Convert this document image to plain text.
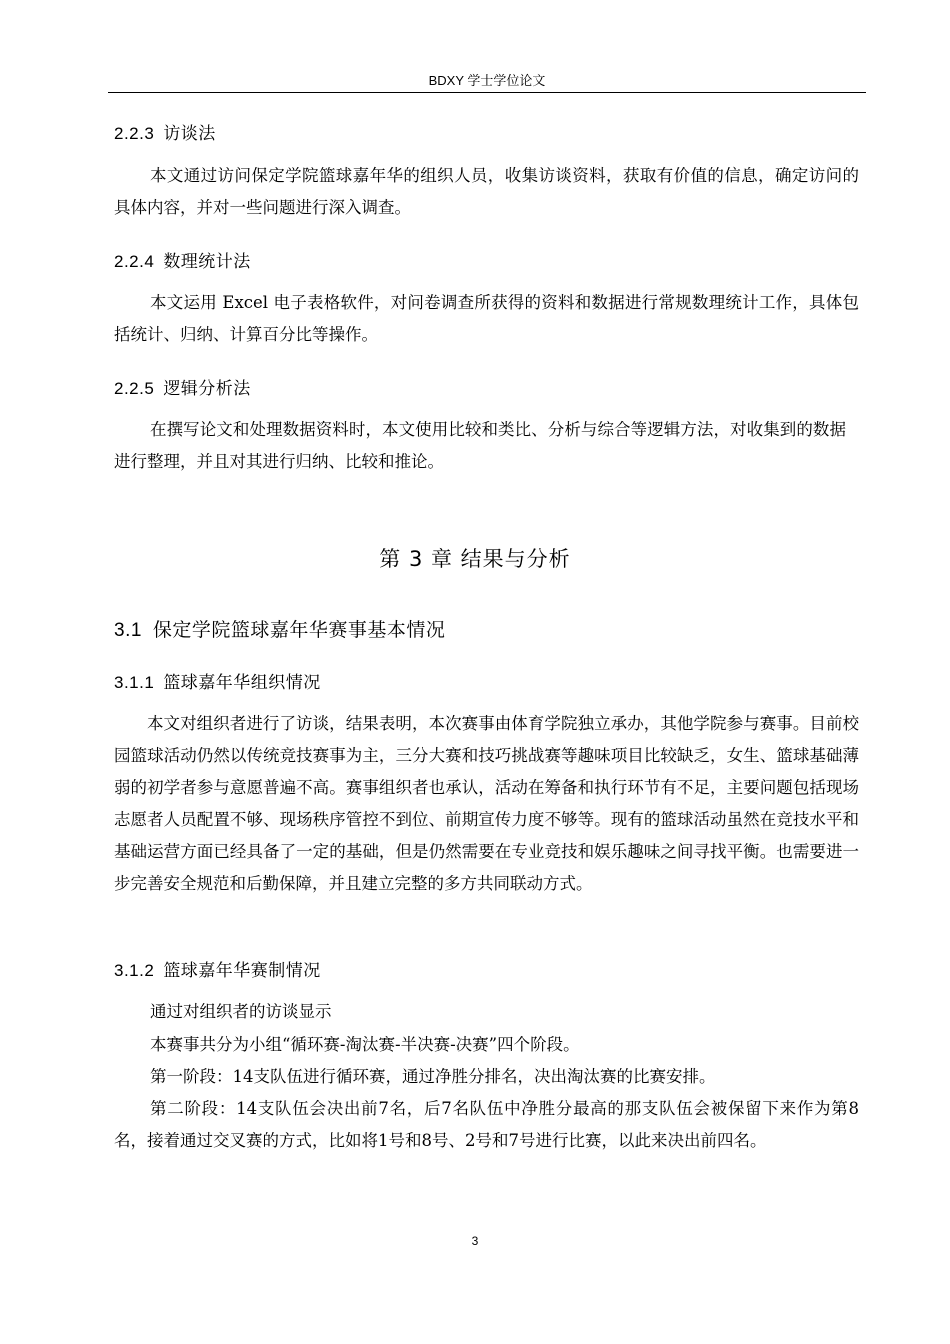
BDXY 学士学位论文
2.2.3 访谈法
本文通过访问保定学院篮球嘉年华的组织人员，收集访谈资料，获取有价值的信息，确定访问的具体内容，并对一些问题进行深入调查。
2.2.4 数理统计法
本文运用 Excel 电子表格软件，对问卷调查所获得的资料和数据进行常规数理统计工作，具体包括统计、归纳、计算百分比等操作。
2.2.5 逻辑分析法
在撰写论文和处理数据资料时，本文使用比较和类比、分析与综合等逻辑方法，对收集到的数据进行整理，并且对其进行归纳、比较和推论。
第 3 章 结果与分析
3.1 保定学院篮球嘉年华赛事基本情况
3.1.1 篮球嘉年华组织情况
本文对组织者进行了访谈，结果表明，本次赛事由体育学院独立承办，其他学院参与赛事。目前校园篮球活动仍然以传统竞技赛事为主，三分大赛和技巧挑战赛等趣味项目比较缺乏，女生、篮球基础薄弱的初学者参与意愿普遍不高。赛事组织者也承认，活动在筹备和执行环节有不足，主要问题包括现场志愿者人员配置不够、现场秩序管控不到位、前期宣传力度不够等。现有的篮球活动虽然在竞技水平和基础运营方面已经具备了一定的基础，但是仍然需要在专业竞技和娱乐趣味之间寻找平衡。也需要进一步完善安全规范和后勤保障，并且建立完整的多方共同联动方式。
3.1.2 篮球嘉年华赛制情况
通过对组织者的访谈显示
本赛事共分为小组“循环赛-淘汰赛-半决赛-决赛”四个阶段。
第一阶段：14支队伍进行循环赛，通过净胜分排名，决出淘汰赛的比赛安排。
第二阶段：14支队伍会决出前7名，后7名队伍中净胜分最高的那支队伍会被保留下来作为第8名，接着通过交叉赛的方式，比如将1号和8号、2号和7号进行比赛，以此来决出前四名。
3
